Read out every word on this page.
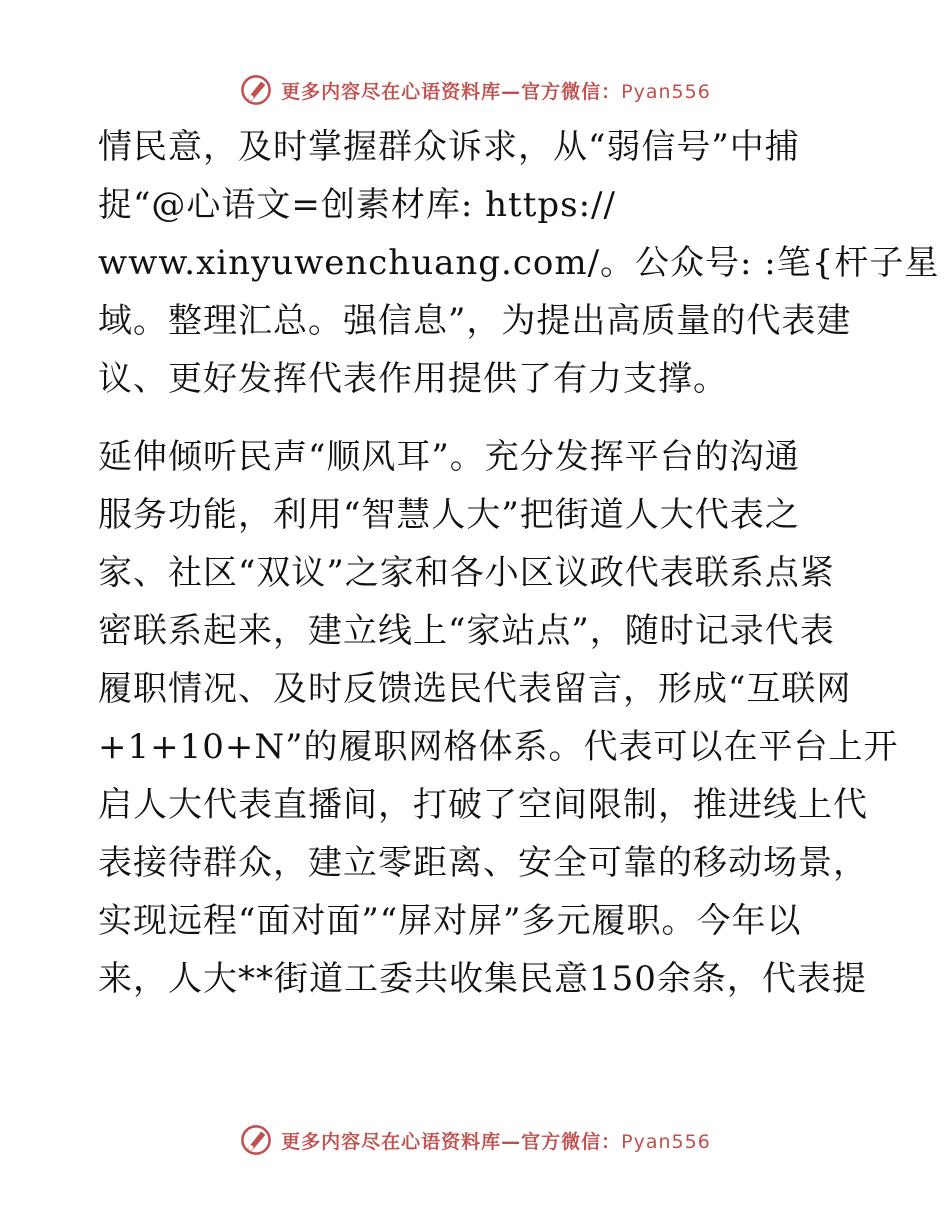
更多内容尽在心语资料库—官方微信：Pyan556
情民意，及时掌握群众诉求，从“弱信号”中捕
捉“@心语文=创素材库: https://
www.xinyuwenchuang.com/。公众号: :笔{杆子星
域。整理汇总。强信息”，为提出高质量的代表建
议、更好发挥代表作用提供了有力支撑。
延伸倾听民声“顺风耳”。充分发挥平台的沟通
服务功能，利用“智慧人大”把街道人大代表之
家、社区“双议”之家和各小区议政代表联系点紧
密联系起来，建立线上“家站点”，随时记录代表
履职情况、及时反馈选民代表留言，形成“互联网
+1+10+N”的履职网格体系。代表可以在平台上开
启人大代表直播间，打破了空间限制，推进线上代
表接待群众，建立零距离、安全可靠的移动场景，
实现远程“面对面”“屏对屏”多元履职。今年以
来，人大**街道工委共收集民意150余条，代表提
更多内容尽在心语资料库—官方微信：Pyan556
